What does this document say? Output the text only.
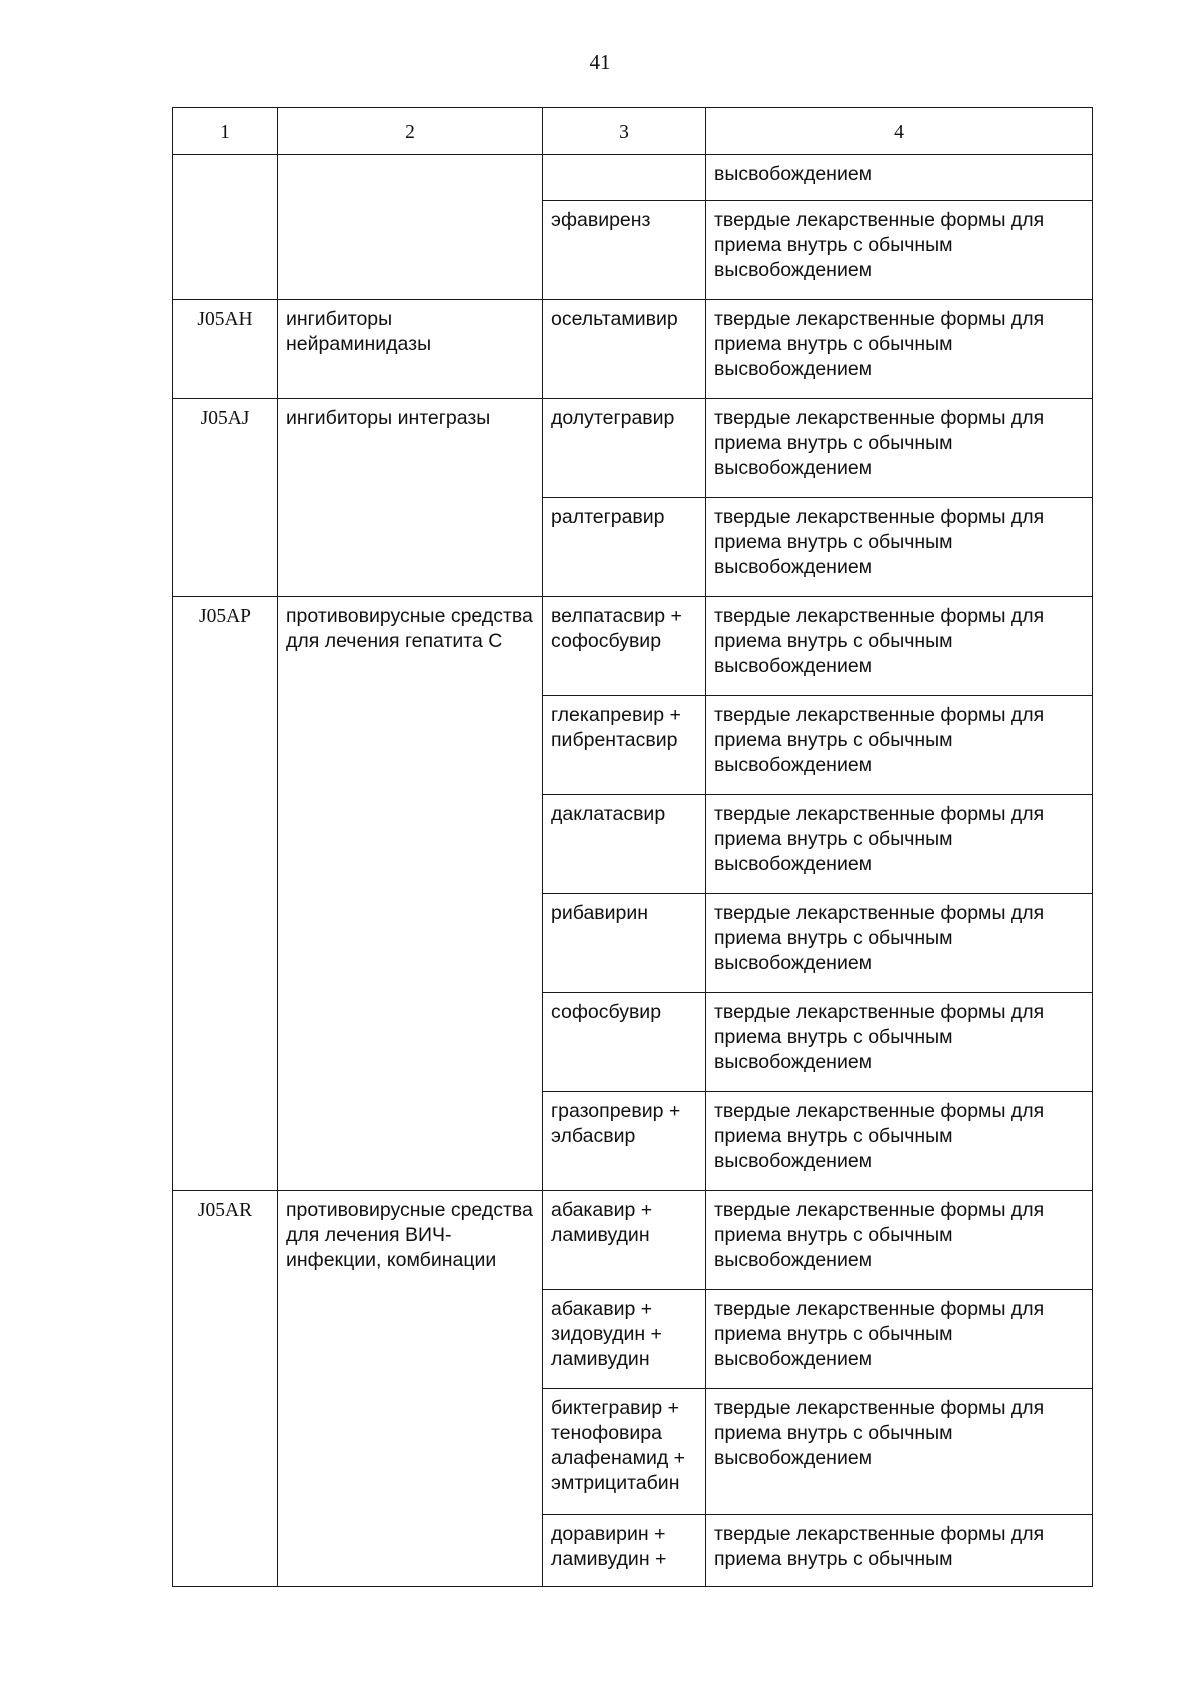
41
1	2	3	4
			высвобождением
		эфавиренз	твердые лекарственные формы для приема внутрь с обычным высвобождением
J05AH	ингибиторы нейраминидазы	осельтамивир	твердые лекарственные формы для приема внутрь с обычным высвобождением
J05AJ	ингибиторы интегразы	долутегравир	твердые лекарственные формы для приема внутрь с обычным высвобождением
		ралтегравир	твердые лекарственные формы для приема внутрь с обычным высвобождением
J05AP	противовирусные средства для лечения гепатита С	велпатасвир + софосбувир	твердые лекарственные формы для приема внутрь с обычным высвобождением
		глекапревир + пибрентасвир	твердые лекарственные формы для приема внутрь с обычным высвобождением
		даклатасвир	твердые лекарственные формы для приема внутрь с обычным высвобождением
		рибавирин	твердые лекарственные формы для приема внутрь с обычным высвобождением
		софосбувир	твердые лекарственные формы для приема внутрь с обычным высвобождением
		гразопревир + элбасвир	твердые лекарственные формы для приема внутрь с обычным высвобождением
J05AR	противовирусные средства для лечения ВИЧ-инфекции, комбинации	абакавир + ламивудин	твердые лекарственные формы для приема внутрь с обычным высвобождением
		абакавир + зидовудин + ламивудин	твердые лекарственные формы для приема внутрь с обычным высвобождением
		биктегравир + тенофовира алафенамид + эмтрицитабин	твердые лекарственные формы для приема внутрь с обычным высвобождением
		доравирин + ламивудин +	твердые лекарственные формы для приема внутрь с обычным
